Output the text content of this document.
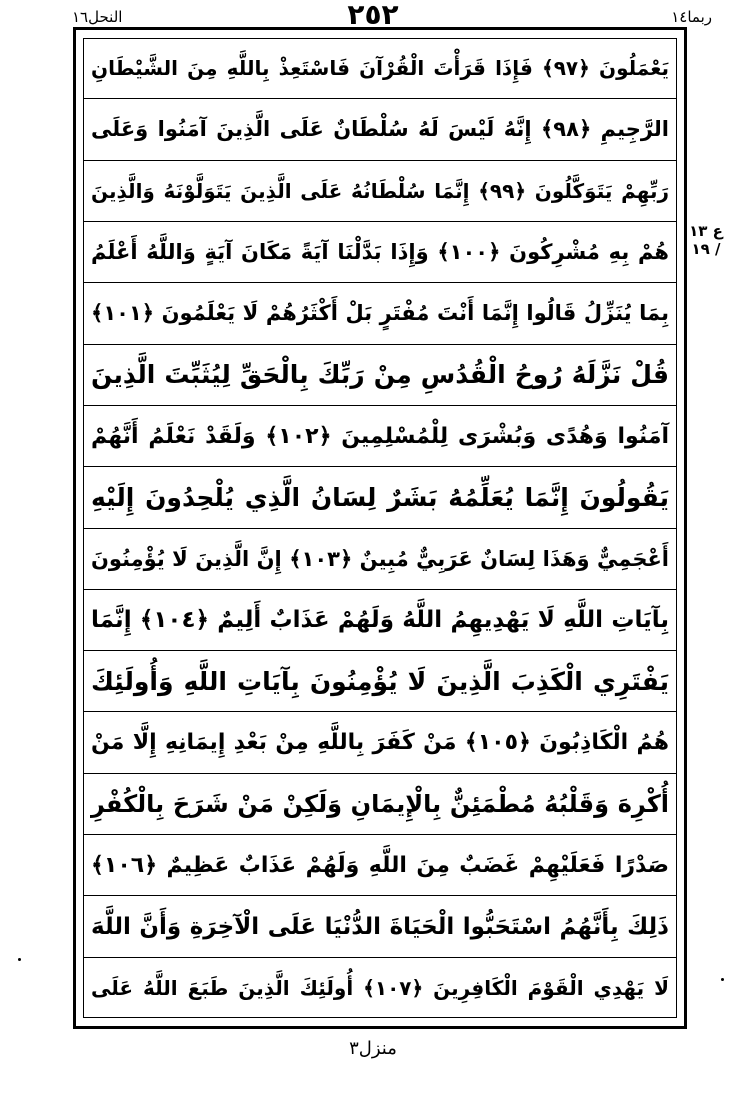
النحل١٦	٢٥٢	ربما١٤
يَعْمَلُونَ ﴿٩٧﴾ فَإِذَا قَرَأْتَ الْقُرْآنَ فَاسْتَعِذْ بِاللَّهِ مِنَ الشَّيْطَانِ
الرَّجِيمِ ﴿٩٨﴾ إِنَّهُ لَيْسَ لَهُ سُلْطَانٌ عَلَى الَّذِينَ آمَنُوا وَعَلَى
رَبِّهِمْ يَتَوَكَّلُونَ ﴿٩٩﴾ إِنَّمَا سُلْطَانُهُ عَلَى الَّذِينَ يَتَوَلَّوْنَهُ وَالَّذِينَ
هُمْ بِهِ مُشْرِكُونَ ﴿١٠٠﴾ وَإِذَا بَدَّلْنَا آيَةً مَكَانَ آيَةٍ وَاللَّهُ أَعْلَمُ
بِمَا يُنَزِّلُ قَالُوا إِنَّمَا أَنْتَ مُفْتَرٍ بَلْ أَكْثَرُهُمْ لَا يَعْلَمُونَ ﴿١٠١﴾
قُلْ نَزَّلَهُ رُوحُ الْقُدُسِ مِنْ رَبِّكَ بِالْحَقِّ لِيُثَبِّتَ الَّذِينَ
آمَنُوا وَهُدًى وَبُشْرَى لِلْمُسْلِمِينَ ﴿١٠٢﴾ وَلَقَدْ نَعْلَمُ أَنَّهُمْ
يَقُولُونَ إِنَّمَا يُعَلِّمُهُ بَشَرٌ لِسَانُ الَّذِي يُلْحِدُونَ إِلَيْهِ
أَعْجَمِيٌّ وَهَذَا لِسَانٌ عَرَبِيٌّ مُبِينٌ ﴿١٠٣﴾ إِنَّ الَّذِينَ لَا يُؤْمِنُونَ
بِآيَاتِ اللَّهِ لَا يَهْدِيهِمُ اللَّهُ وَلَهُمْ عَذَابٌ أَلِيمٌ ﴿١٠٤﴾ إِنَّمَا
يَفْتَرِي الْكَذِبَ الَّذِينَ لَا يُؤْمِنُونَ بِآيَاتِ اللَّهِ وَأُولَئِكَ
هُمُ الْكَاذِبُونَ ﴿١٠٥﴾ مَنْ كَفَرَ بِاللَّهِ مِنْ بَعْدِ إِيمَانِهِ إِلَّا مَنْ
أُكْرِهَ وَقَلْبُهُ مُطْمَئِنٌّ بِالْإِيمَانِ وَلَكِنْ مَنْ شَرَحَ بِالْكُفْرِ
صَدْرًا فَعَلَيْهِمْ غَضَبٌ مِنَ اللَّهِ وَلَهُمْ عَذَابٌ عَظِيمٌ ﴿١٠٦﴾
ذَلِكَ بِأَنَّهُمُ اسْتَحَبُّوا الْحَيَاةَ الدُّنْيَا عَلَى الْآخِرَةِ وَأَنَّ اللَّهَ
لَا يَهْدِي الْقَوْمَ الْكَافِرِينَ ﴿١٠٧﴾ أُولَئِكَ الَّذِينَ طَبَعَ اللَّهُ عَلَى
ع ١٣ / ١٩
منزل٣
